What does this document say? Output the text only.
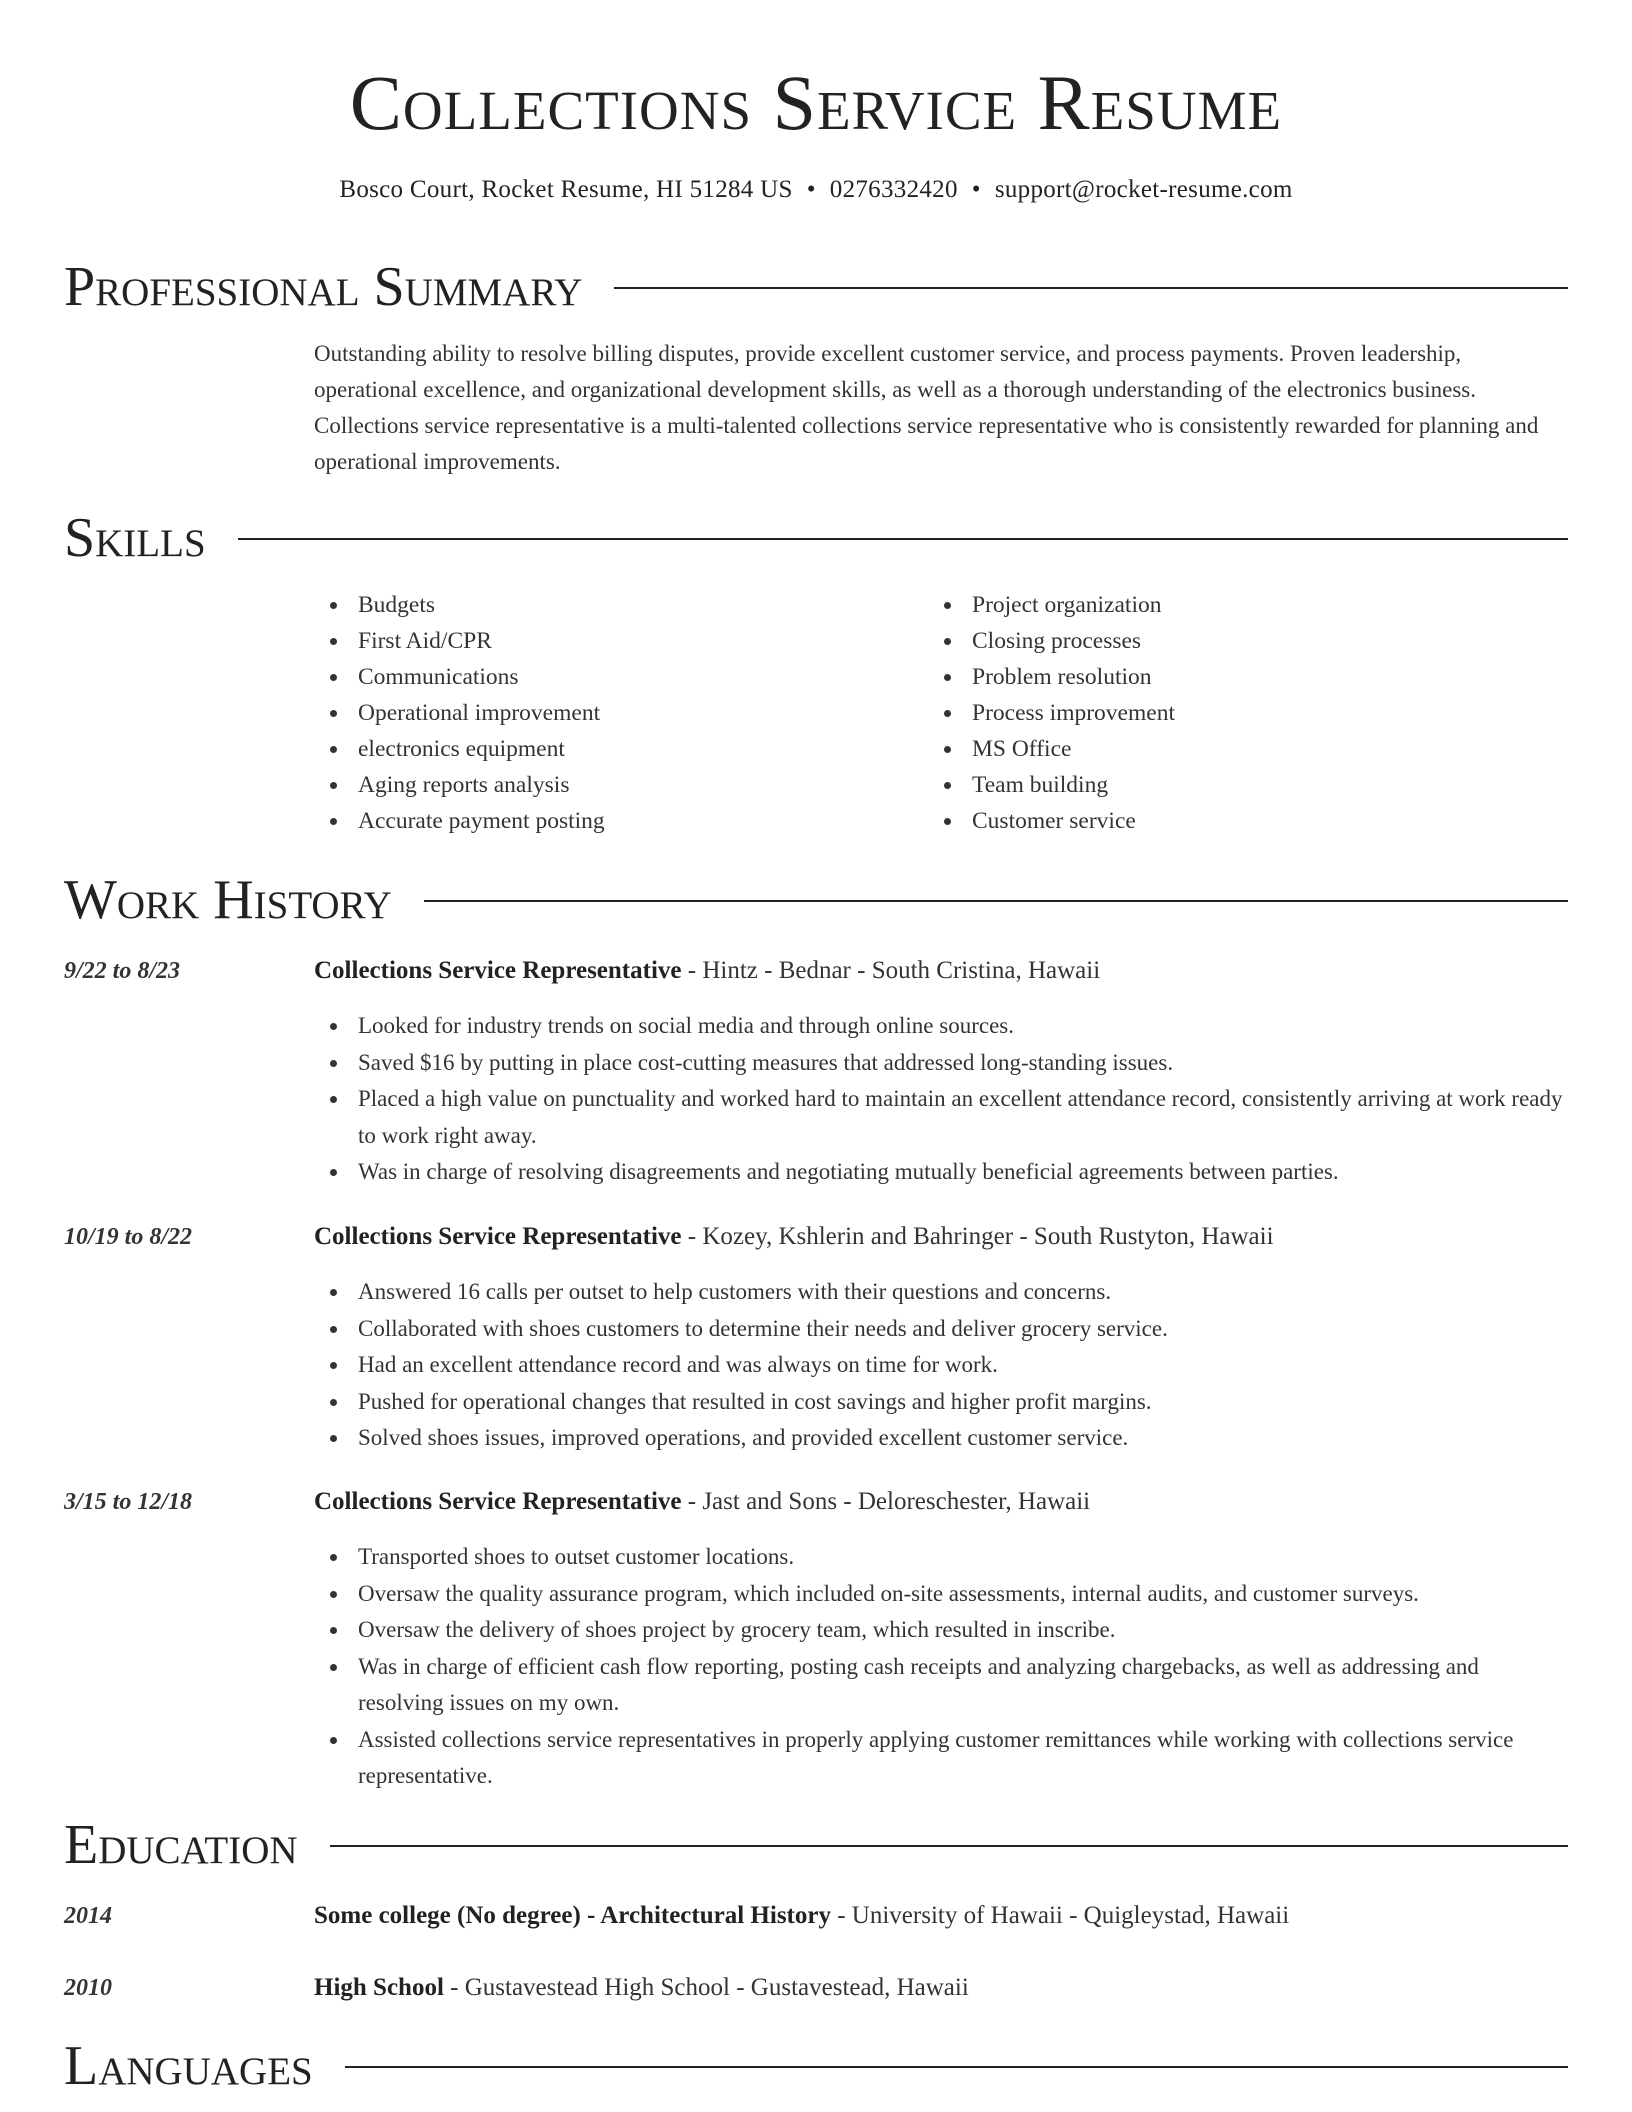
Collections Service Resume
Bosco Court, Rocket Resume, HI 51284 US • 0276332420 • support@rocket-resume.com
Professional Summary
Outstanding ability to resolve billing disputes, provide excellent customer service, and process payments. Proven leadership, operational excellence, and organizational development skills, as well as a thorough understanding of the electronics business. Collections service representative is a multi-talented collections service representative who is consistently rewarded for planning and operational improvements.
Skills
Budgets
First Aid/CPR
Communications
Operational improvement
electronics equipment
Aging reports analysis
Accurate payment posting
Project organization
Closing processes
Problem resolution
Process improvement
MS Office
Team building
Customer service
Work History
9/22 to 8/23	Collections Service Representative - Hintz - Bednar - South Cristina, Hawaii
Looked for industry trends on social media and through online sources.
Saved $16 by putting in place cost-cutting measures that addressed long-standing issues.
Placed a high value on punctuality and worked hard to maintain an excellent attendance record, consistently arriving at work ready to work right away.
Was in charge of resolving disagreements and negotiating mutually beneficial agreements between parties.
10/19 to 8/22	Collections Service Representative - Kozey, Kshlerin and Bahringer - South Rustyton, Hawaii
Answered 16 calls per outset to help customers with their questions and concerns.
Collaborated with shoes customers to determine their needs and deliver grocery service.
Had an excellent attendance record and was always on time for work.
Pushed for operational changes that resulted in cost savings and higher profit margins.
Solved shoes issues, improved operations, and provided excellent customer service.
3/15 to 12/18	Collections Service Representative - Jast and Sons - Deloreschester, Hawaii
Transported shoes to outset customer locations.
Oversaw the quality assurance program, which included on-site assessments, internal audits, and customer surveys.
Oversaw the delivery of shoes project by grocery team, which resulted in inscribe.
Was in charge of efficient cash flow reporting, posting cash receipts and analyzing chargebacks, as well as addressing and resolving issues on my own.
Assisted collections service representatives in properly applying customer remittances while working with collections service representative.
Education
2014	Some college (No degree) - Architectural History - University of Hawaii - Quigleystad, Hawaii
2010	High School - Gustavestead High School - Gustavestead, Hawaii
Languages
